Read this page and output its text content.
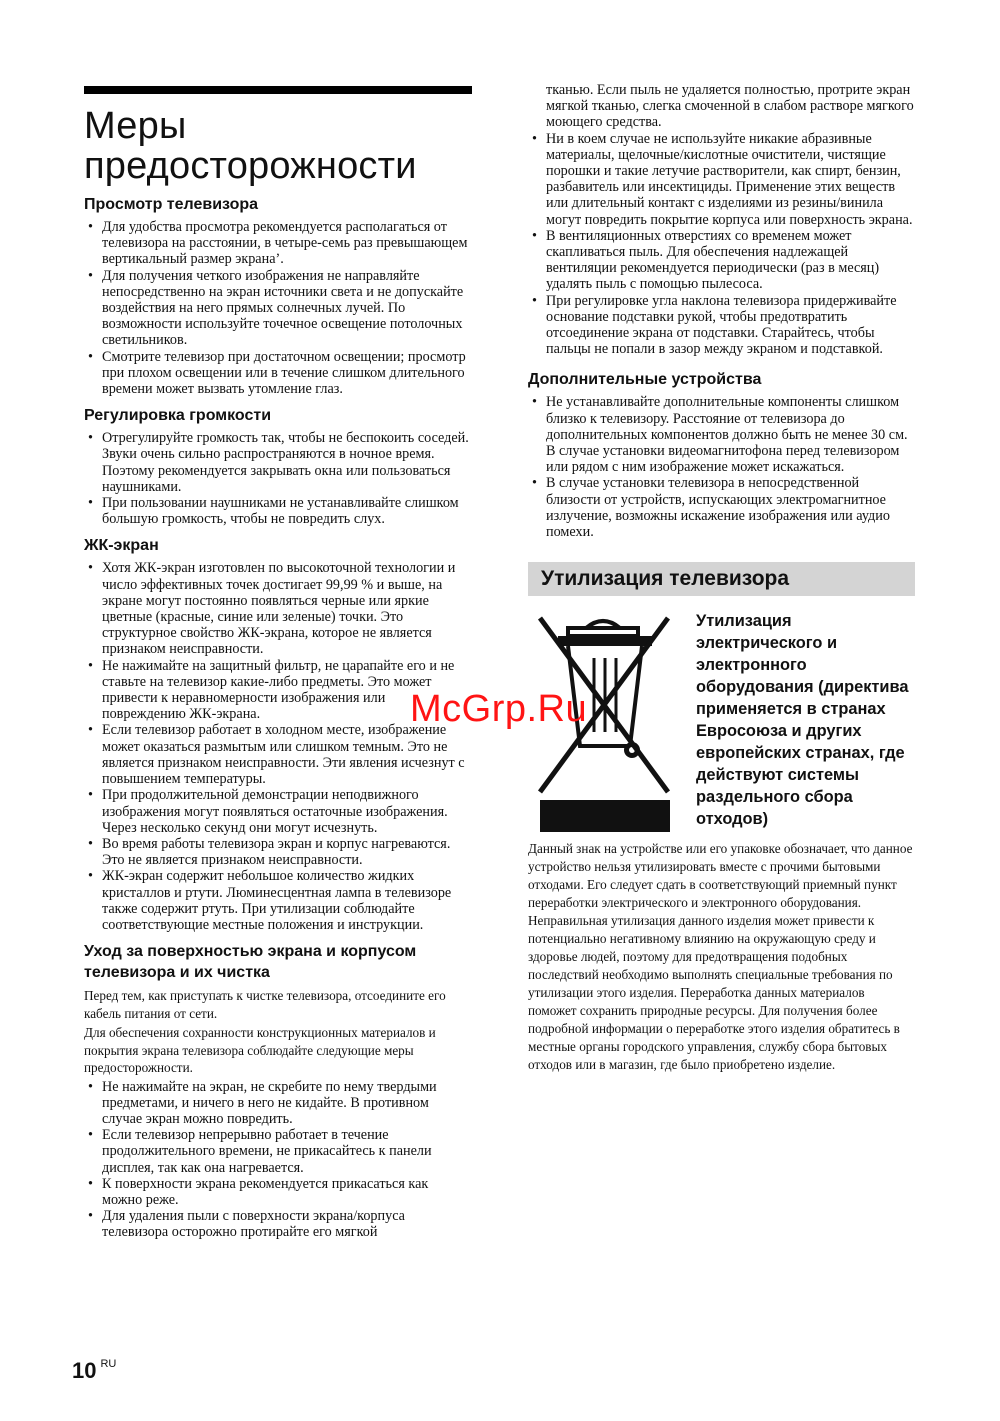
Меры предосторожности
Просмотр телевизора
• Для удобства просмотра рекомендуется располагаться от телевизора на расстоянии, в четыре-семь раз превышающем вертикальный размер экрана’.
• Для получения четкого изображения не направляйте непосредственно на экран источники света и не допускайте воздействия на него прямых солнечных лучей. По возможности используйте точечное освещение потолочных светильников.
• Смотрите телевизор при достаточном освещении; просмотр при плохом освещении или в течение слишком длительного времени может вызвать утомление глаз.
Регулировка громкости
• Отрегулируйте громкость так, чтобы не беспокоить соседей. Звуки очень сильно распространяются в ночное время. Поэтому рекомендуется закрывать окна или пользоваться наушниками.
• При пользовании наушниками не устанавливайте слишком большую громкость, чтобы не повредить слух.
ЖК-экран
• Хотя ЖК-экран изготовлен по высокоточной технологии и число эффективных точек достигает 99,99 % и выше, на экране могут постоянно появляться черные или яркие цветные (красные, синие или зеленые) точки. Это структурное свойство ЖК-экрана, которое не является признаком неисправности.
• Не нажимайте на защитный фильтр, не царапайте его и не ставьте на телевизор какие-либо предметы. Это может привести к неравномерности изображения или повреждению ЖК-экрана.
• Если телевизор работает в холодном месте, изображение может оказаться размытым или слишком темным. Это не является признаком неисправности. Эти явления исчезнут с повышением температуры.
• При продолжительной демонстрации неподвижного изображения могут появляться остаточные изображения. Через несколько секунд они могут исчезнуть.
• Во время работы телевизора экран и корпус нагреваются. Это не является признаком неисправности.
• ЖК-экран содержит небольшое количество жидких кристаллов и ртути. Люминесцентная лампа в телевизоре также содержит ртуть. При утилизации соблюдайте соответствующие местные положения и инструкции.
Уход за поверхностью экрана и корпусом телевизора и их чистка

Перед тем, как приступать к чистке телевизора, отсоедините его кабель питания от сети.

Для обеспечения сохранности конструкционных материалов и покрытия экрана телевизора соблюдайте следующие меры предосторожности.

• Не нажимайте на экран, не скребите по нему твердыми предметами, и ничего в него не кидайте. В противном случае экран можно повредить.
• Если телевизор непрерывно работает в течение продолжительного времени, не прикасайтесь к панели дисплея, так как она нагревается.
• К поверхности экрана рекомендуется прикасаться как можно реже.
• Для удаления пыли с поверхности экрана/корпуса телевизора осторожно протирайте его мягкой
тканью. Если пыль не удаляется полностью, протрите экран мягкой тканью, слегка смоченной в слабом растворе мягкого моющего средства.
• Ни в коем случае не используйте никакие абразивные материалы, щелочные/кислотные очистители, чистящие порошки и такие летучие растворители, как спирт, бензин, разбавитель или инсектициды. Применение этих веществ или длительный контакт с изделиями из резины/винила могут повредить покрытие корпуса или поверхность экрана.
• В вентиляционных отверстиях со временем может скапливаться пыль. Для обеспечения надлежащей вентиляции рекомендуется периодически (раз в месяц) удалять пыль с помощью пылесоса.
• При регулировке угла наклона телевизора придерживайте основание подставки рукой, чтобы предотвратить отсоединение экрана от подставки. Старайтесь, чтобы пальцы не попали в зазор между экраном и подставкой.
Дополнительные устройства
• Не устанавливайте дополнительные компоненты слишком близко к телевизору. Расстояние от телевизора до дополнительных компонентов должно быть не менее 30 см. В случае установки видеомагнитофона перед телевизором или рядом с ним изображение может искажаться.
• В случае установки телевизора в непосредственной близости от устройств, испускающих электромагнитное излучение, возможны искажение изображения или аудио помехи.
Утилизация телевизора
Утилизация электрического и электронного оборудования (директива применяется в странах Евросоюза и других европейских странах, где действуют системы раздельного сбора отходов)

Данный знак на устройстве или его упаковке обозначает, что данное устройство нельзя утилизировать вместе с прочими бытовыми отходами. Его следует сдать в соответствующий приемный пункт переработки электрического и электронного оборудования. Неправильная утилизация данного изделия может привести к потенциально негативному влиянию на окружающую среду и здоровье людей, поэтому для предотвращения подобных последствий необходимо выполнять специальные требования по утилизации этого изделия. Переработка данных материалов поможет сохранить природные ресурсы. Для получения более подробной информации о переработке этого изделия обратитесь в местные органы городского управления, службу сбора бытовых отходов или в магазин, где было приобретено изделие.

McGrp.Ru
10 $^{RU}$
